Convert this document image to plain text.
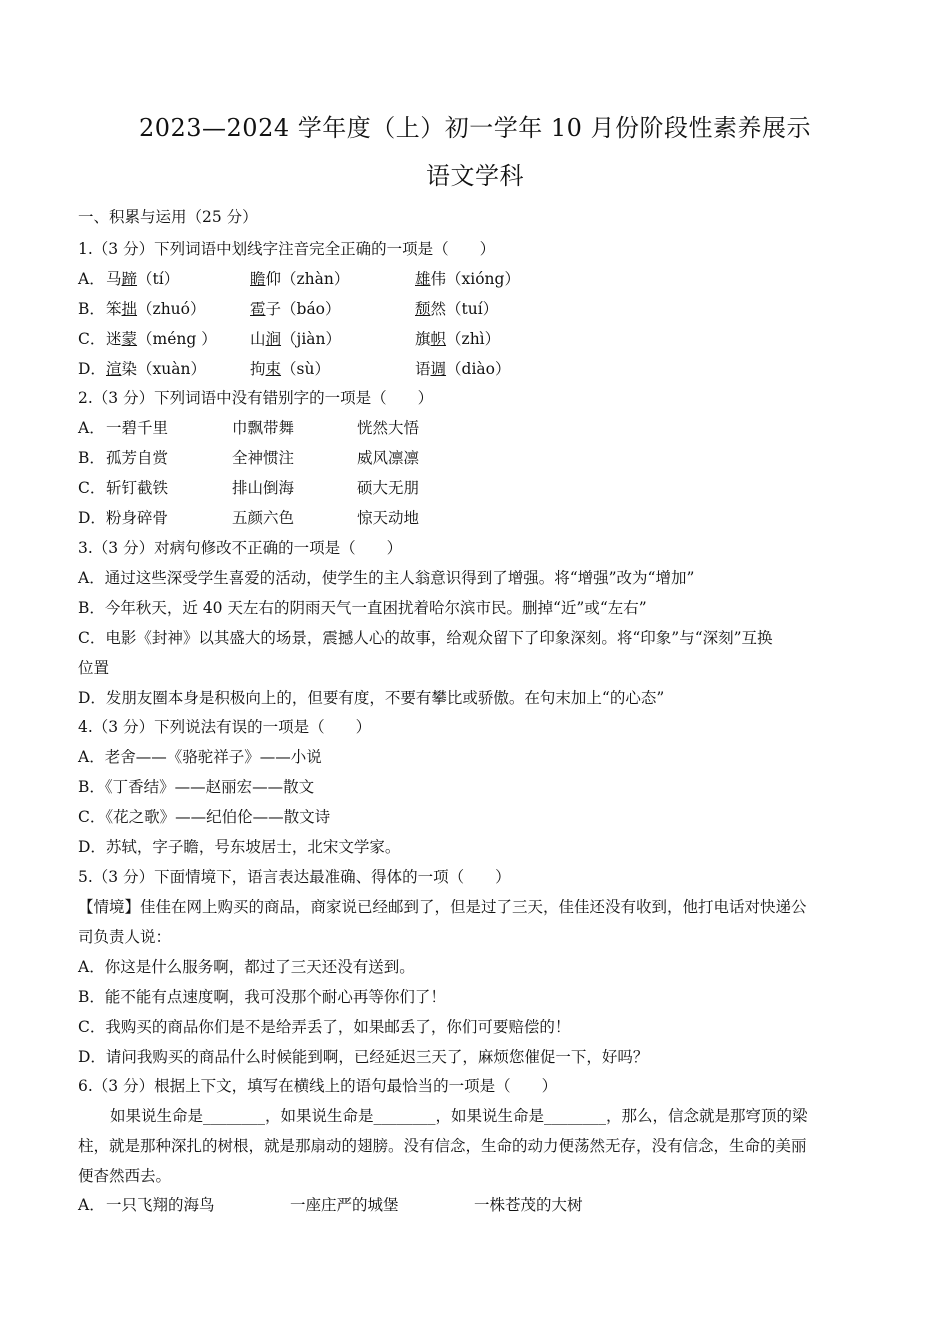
2023—2024 学年度（上）初一学年 10 月份阶段性素养展示
语文学科
一、积累与运用（25 分）
1.（3 分）下列词语中划线字注音完全正确的一项是（　　）
A． 马蹄（tí）	瞻仰（zhàn）	雄伟（xióng）
B． 笨拙（zhuó）	雹子（báo）	颓然（tuí）
C． 迷蒙（méng ） 山涧（jiàn）	旗帜（zhì）
D． 渲染（xuàn）	拘束（sù）	语调（diào）
2.（3 分）下列词语中没有错别字的一项是（　　）
A． 一碧千里	巾飘带舞	恍然大悟
B． 孤芳自赏	全神惯注	威风凛凛
C． 斩钉截铁	排山倒海	硕大无朋
D． 粉身碎骨	五颜六色	惊天动地
3.（3 分）对病句修改不正确的一项是（　　）
A．通过这些深受学生喜爱的活动，使学生的主人翁意识得到了增强。将“增强”改为“增加”
B．今年秋天，近 40 天左右的阴雨天气一直困扰着哈尔滨市民。删掉“近”或“左右”
C．电影《封神》以其盛大的场景，震撼人心的故事，给观众留下了印象深刻。将“印象”与“深刻”互换
位置
D．发朋友圈本身是积极向上的，但要有度，不要有攀比或骄傲。在句末加上“的心态”
4.（3 分）下列说法有误的一项是（　　）
A．老舍——《骆驼祥子》——小说
B．《丁香结》——赵丽宏——散文
C．《花之歌》——纪伯伦——散文诗
D．苏轼，字子瞻，号东坡居士，北宋文学家。
5.（3 分）下面情境下，语言表达最准确、得体的一项（　　）
【情境】佳佳在网上购买的商品，商家说已经邮到了，但是过了三天，佳佳还没有收到，他打电话对快递公
司负责人说：
A．你这是什么服务啊，都过了三天还没有送到。
B．能不能有点速度啊，我可没那个耐心再等你们了！
C．我购买的商品你们是不是给弄丢了，如果邮丢了，你们可要赔偿的！
D．请问我购买的商品什么时候能到啊，已经延迟三天了，麻烦您催促一下，好吗？
6.（3 分）根据上下文，填写在横线上的语句最恰当的一项是（　　）
如果说生命是________，如果说生命是________，如果说生命是________，那么，信念就是那穹顶的梁
柱，就是那种深扎的树根，就是那扇动的翅膀。没有信念，生命的动力便荡然无存，没有信念，生命的美丽
便杳然西去。
A． 一只飞翔的海鸟	一座庄严的城堡	一株苍茂的大树
